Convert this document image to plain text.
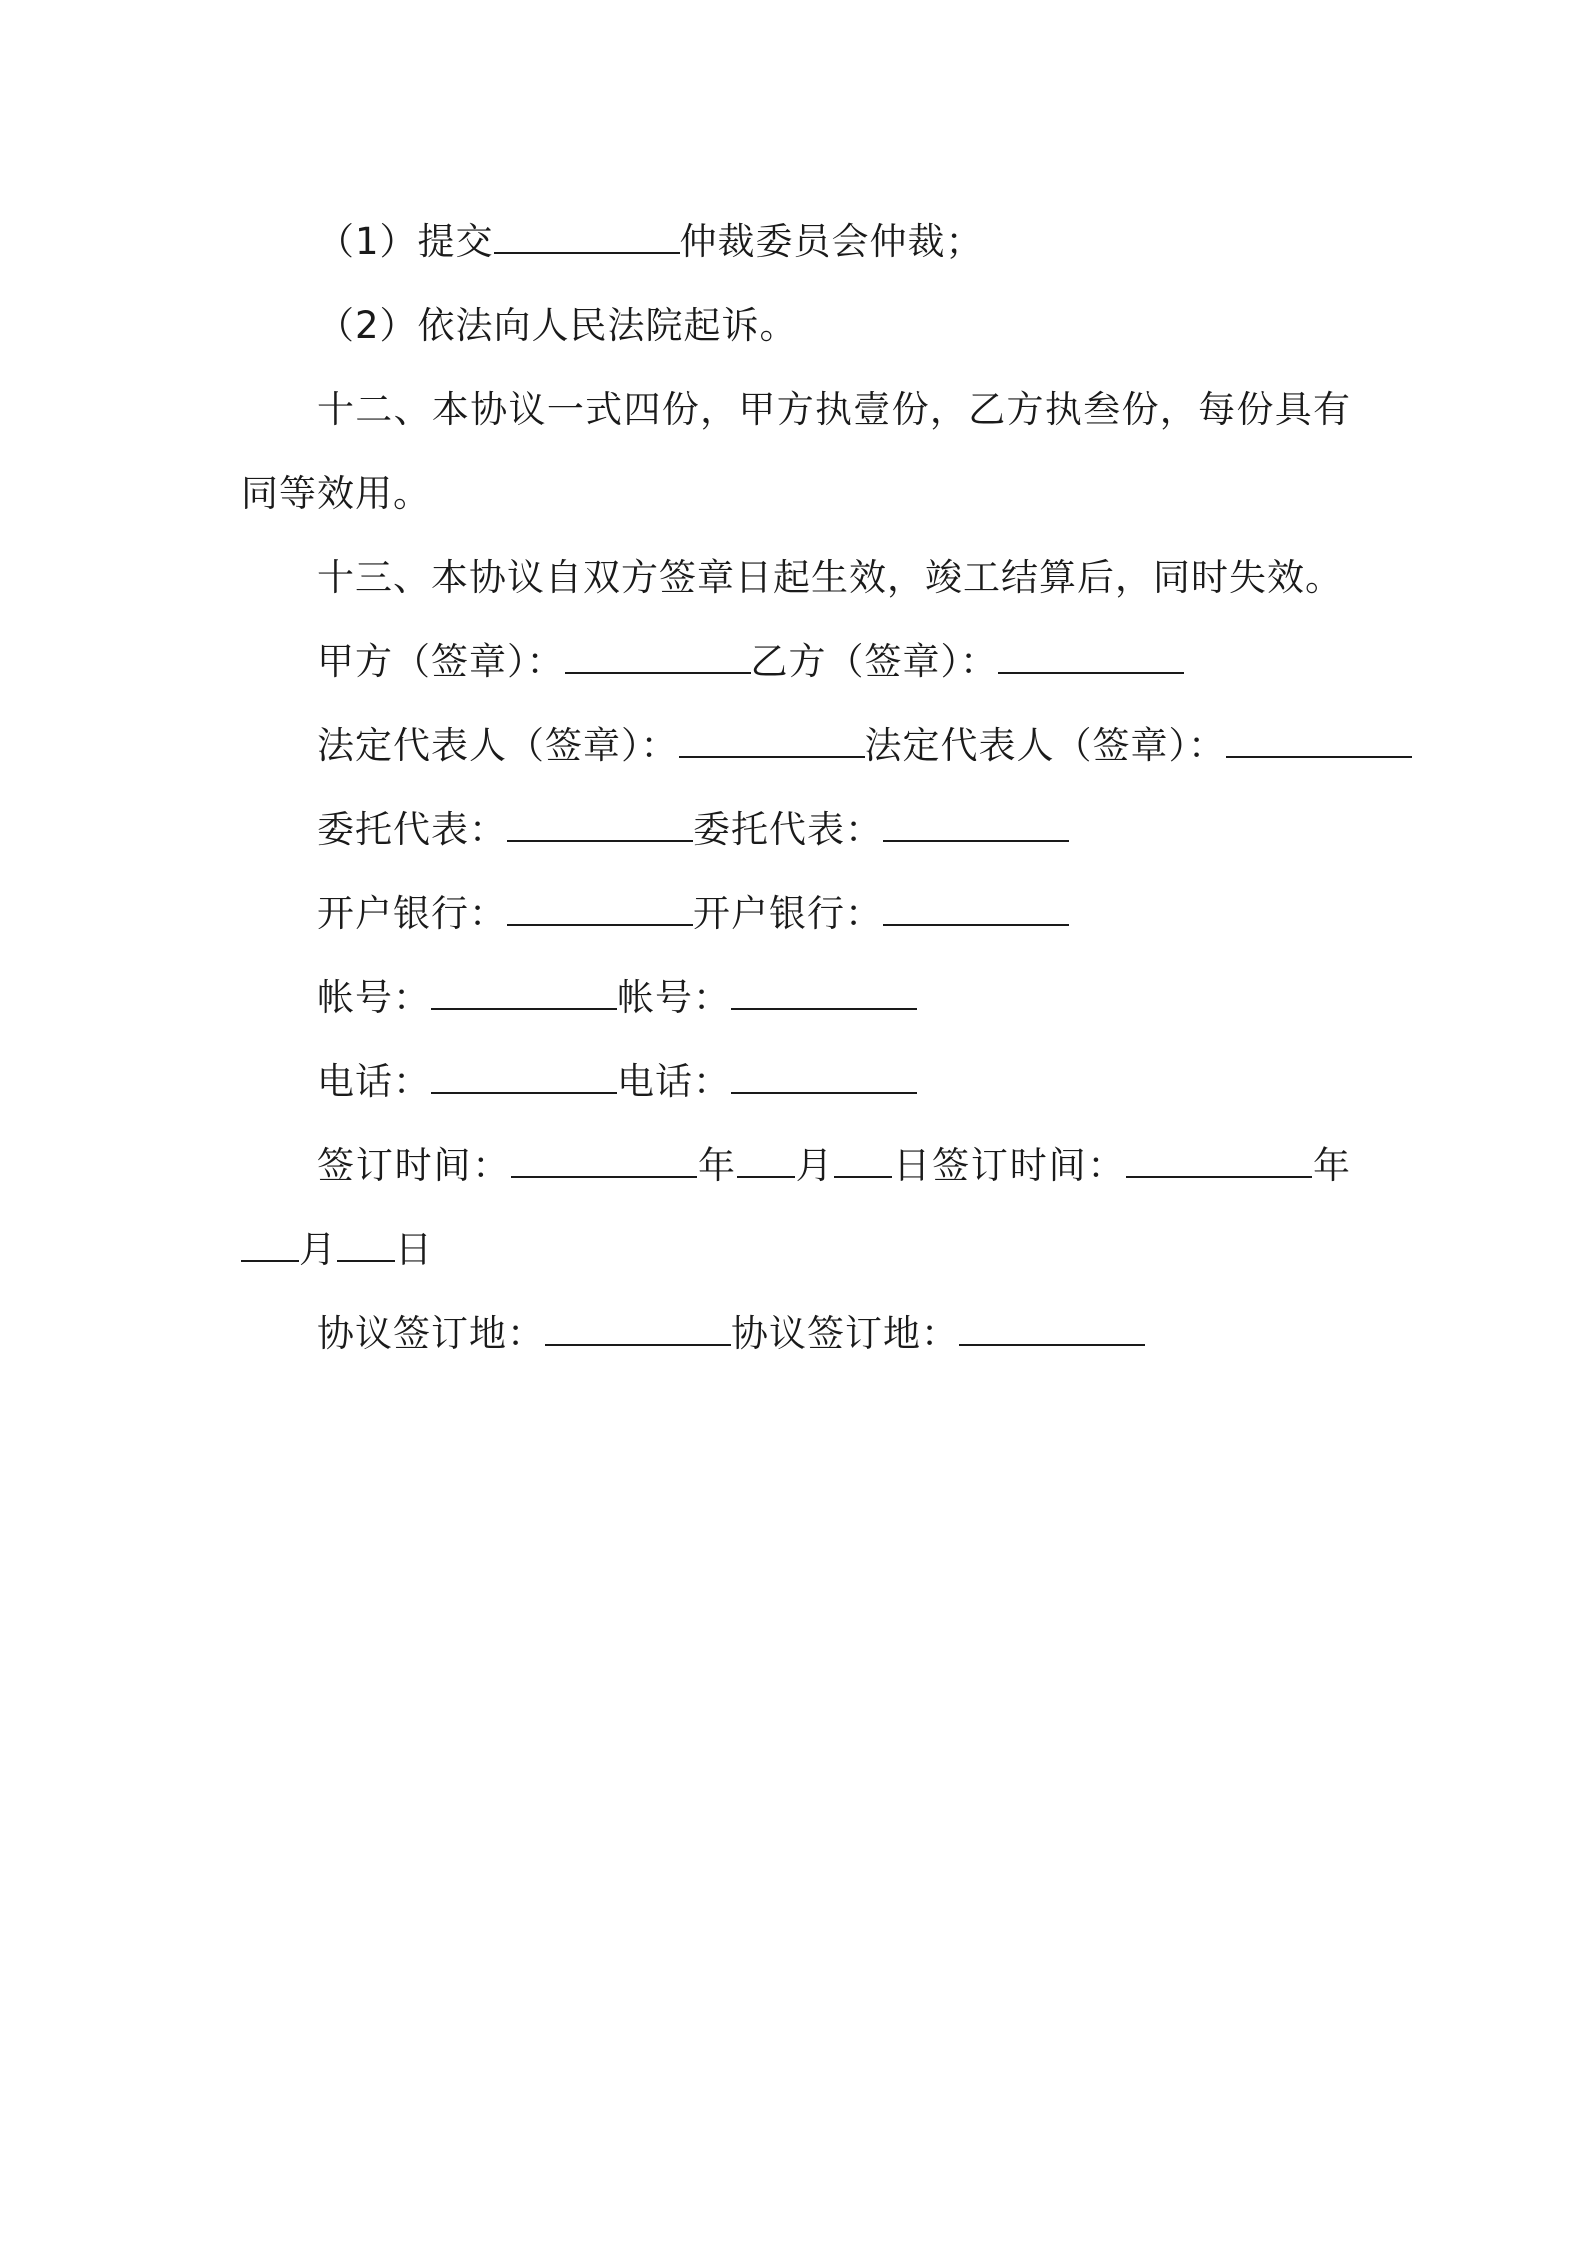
（1）提交	仲裁委员会仲裁；

（2）依法向人民法院起诉。

十二、本协议一式四份，甲方执壹份，乙方执叁份，每份具有同等效用。

十三、本协议自双方签章日起生效，竣工结算后，同时失效。

甲方（签章）：	乙方（签章）：

法定代表人（签章）：	法定代表人（签章）：

委托代表：	委托代表：

开户银行：	开户银行：

帐号：	帐号：

电话：	电话：

签订时间：	年 月 日签订时间：	年 月 日

协议签订地：	协议签订地：
